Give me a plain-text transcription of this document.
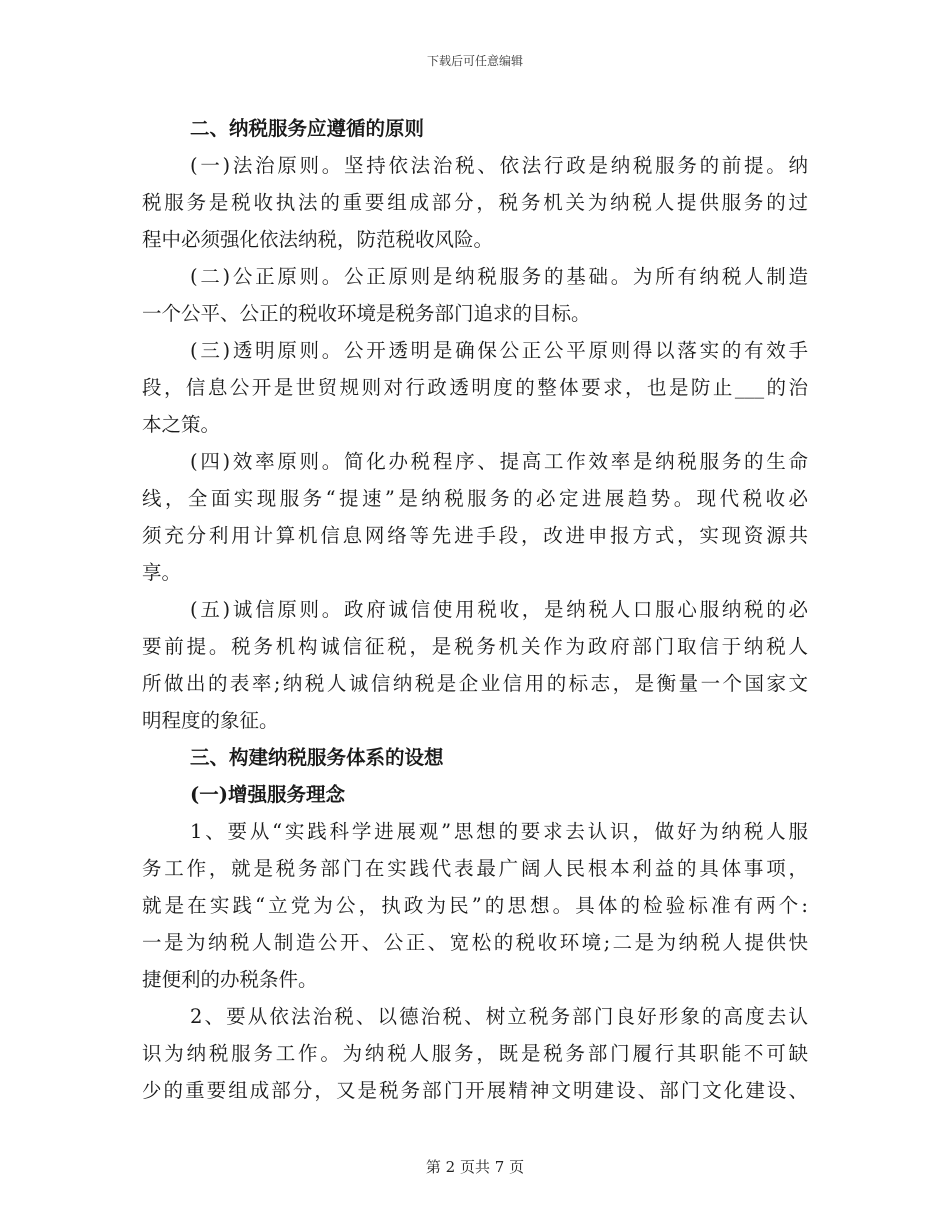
下载后可任意编辑
二、纳税服务应遵循的原则
(一)法治原则。坚持依法治税、依法行政是纳税服务的前提。纳
税服务是税收执法的重要组成部分，税务机关为纳税人提供服务的过
程中必须强化依法纳税，防范税收风险。
(二)公正原则。公正原则是纳税服务的基础。为所有纳税人制造
一个公平、公正的税收环境是税务部门追求的目标。
(三)透明原则。公开透明是确保公正公平原则得以落实的有效手
段，信息公开是世贸规则对行政透明度的整体要求，也是防止___的治
本之策。
(四)效率原则。简化办税程序、提高工作效率是纳税服务的生命
线，全面实现服务“提速”是纳税服务的必定进展趋势。现代税收必
须充分利用计算机信息网络等先进手段，改进申报方式，实现资源共
享。
(五)诚信原则。政府诚信使用税收，是纳税人口服心服纳税的必
要前提。税务机构诚信征税，是税务机关作为政府部门取信于纳税人
所做出的表率;纳税人诚信纳税是企业信用的标志，是衡量一个国家文
明程度的象征。
三、构建纳税服务体系的设想
(一)增强服务理念
1、要从“实践科学进展观”思想的要求去认识，做好为纳税人服
务工作，就是税务部门在实践代表最广阔人民根本利益的具体事项，
就是在实践“立党为公，执政为民”的思想。具体的检验标准有两个:
一是为纳税人制造公开、公正、宽松的税收环境;二是为纳税人提供快
捷便利的办税条件。
2、要从依法治税、以德治税、树立税务部门良好形象的高度去认
识为纳税服务工作。为纳税人服务，既是税务部门履行其职能不可缺
少的重要组成部分，又是税务部门开展精神文明建设、部门文化建设、
第 2 页共 7 页
